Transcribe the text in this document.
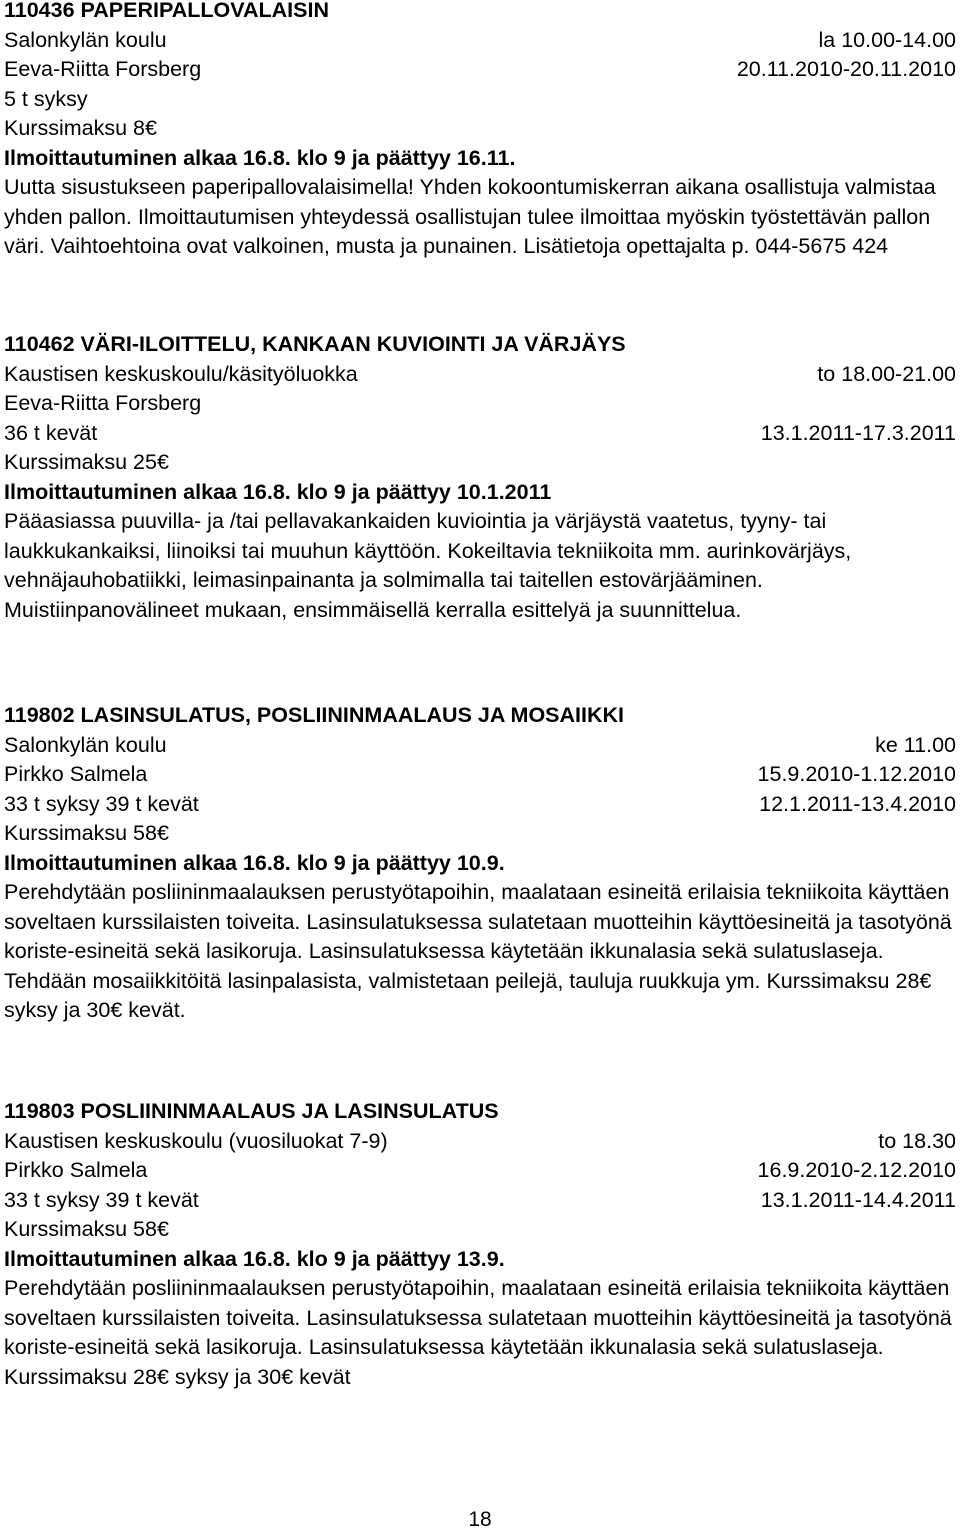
110436 PAPERIPALLOVALAISIN
Salonkylän koulu	la 10.00-14.00
Eeva-Riitta Forsberg	20.11.2010-20.11.2010
5 t syksy
Kurssimaksu 8€
Ilmoittautuminen alkaa 16.8. klo 9 ja päättyy 16.11.
Uutta sisustukseen paperipallovalaisimella! Yhden kokoontumiskerran aikana osallistuja valmistaa yhden pallon. Ilmoittautumisen yhteydessä osallistujan tulee ilmoittaa myöskin työstettävän pallon väri. Vaihtoehtoina ovat valkoinen, musta ja punainen. Lisätietoja opettajalta p. 044-5675 424
110462 VÄRI-ILOITTELU, KANKAAN KUVIOINTI JA VÄRJÄYS
Kaustisen keskuskoulu/käsityöluokka	to 18.00-21.00
Eeva-Riitta Forsberg
36 t kevät	13.1.2011-17.3.2011
Kurssimaksu 25€
Ilmoittautuminen alkaa 16.8. klo 9 ja päättyy 10.1.2011
Pääasiassa puuvilla- ja /tai pellavakankaiden kuviointia ja värjäystä vaatetus, tyyny- tai laukkukankaiksi, liinoiksi tai muuhun käyttöön. Kokeiltavia tekniikoita mm. aurinkovärjäys, vehnäjauhobatiikki, leimasinpainanta ja solmimalla tai taitellen estovärjääminen. Muistiinpanovälineet mukaan, ensimmäisellä kerralla esittelyä ja suunnittelua.
119802 LASINSULATUS, POSLIININMAALAUS JA MOSAIIKKI
Salonkylän koulu	ke 11.00
Pirkko Salmela	15.9.2010-1.12.2010
33 t syksy 39 t kevät	12.1.2011-13.4.2010
Kurssimaksu 58€
Ilmoittautuminen alkaa 16.8. klo 9 ja päättyy 10.9.
Perehdytään posliininmaalauksen perustyötapoihin, maalataan esineitä erilaisia tekniikoita käyttäen soveltaen kurssilaisten toiveita. Lasinsulatuksessa sulatetaan muotteihin käyttöesineitä ja tasotyönä koriste-esineitä sekä lasikoruja. Lasinsulatuksessa käytetään ikkunalasia sekä sulatuslaseja. Tehdään mosaiikkitöitä lasinpalasista, valmistetaan peilejä, tauluja ruukkuja ym. Kurssimaksu 28€ syksy ja 30€ kevät.
119803 POSLIININMAALAUS JA LASINSULATUS
Kaustisen keskuskoulu (vuosiluokat 7-9)	to 18.30
Pirkko Salmela	16.9.2010-2.12.2010
33 t syksy 39 t kevät	13.1.2011-14.4.2011
Kurssimaksu 58€
Ilmoittautuminen alkaa 16.8. klo 9 ja päättyy 13.9.
Perehdytään posliininmaalauksen perustyötapoihin, maalataan esineitä erilaisia tekniikoita käyttäen soveltaen kurssilaisten toiveita. Lasinsulatuksessa sulatetaan muotteihin käyttöesineitä ja tasotyönä koriste-esineitä sekä lasikoruja. Lasinsulatuksessa käytetään ikkunalasia sekä sulatuslaseja. Kurssimaksu 28€ syksy ja 30€ kevät
18
